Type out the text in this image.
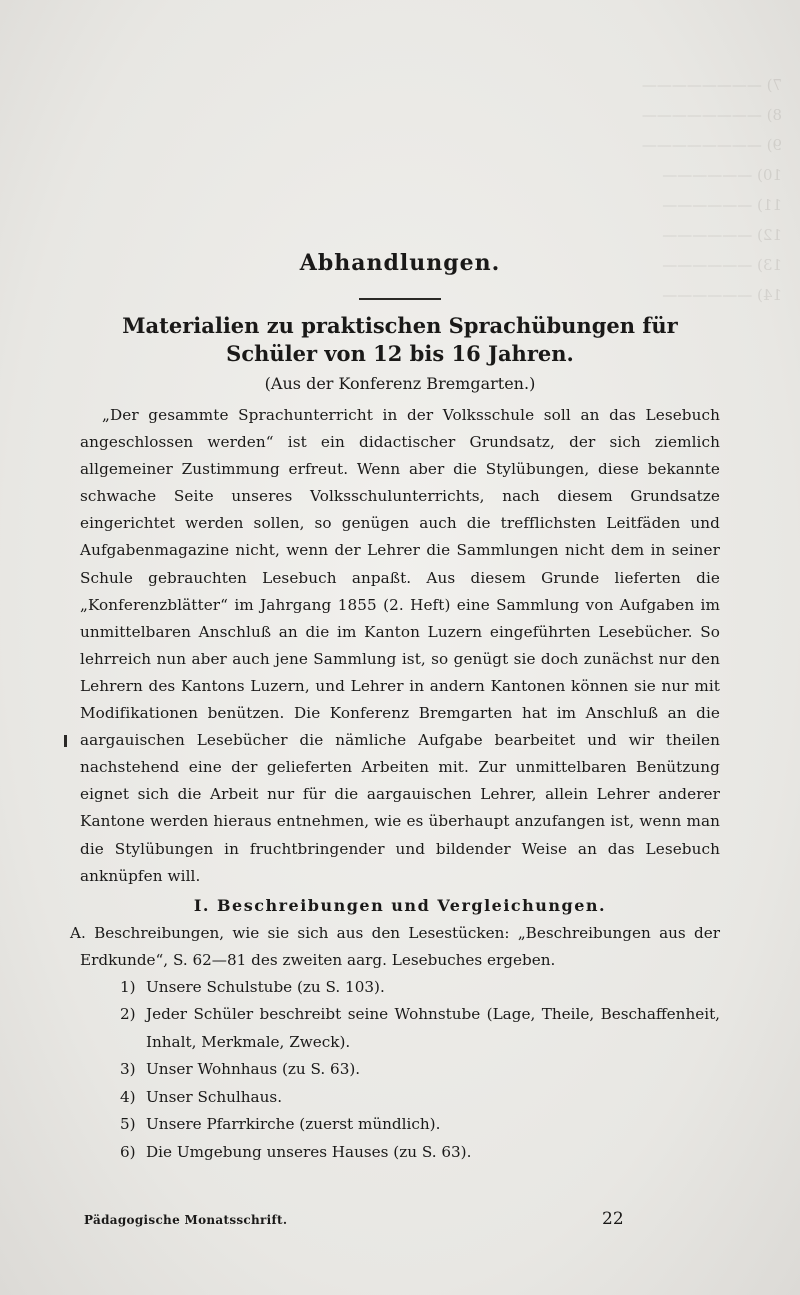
7) ————————
8) ————————
9) ————————
10) ——————
11) ——————
12) ——————
13) ——————
14) ——————
Abhandlungen.
Materialien zu praktischen Sprachübungen für
Schüler von 12 bis 16 Jahren.

(Aus der Konferenz Bremgarten.)

„Der gesammte Sprachunterricht in der Volksschule soll an das Lesebuch angeschlossen werden“ ist ein didactischer Grundsatz, der sich ziemlich allgemeiner Zustimmung erfreut. Wenn aber die Stylübungen, diese bekannte schwache Seite unseres Volksschulunterrichts, nach diesem Grundsatze eingerichtet werden sollen, so genügen auch die trefflichsten Leitfäden und Aufgabenmagazine nicht, wenn der Lehrer die Sammlungen nicht dem in seiner Schule gebrauchten Lesebuch anpaßt. Aus diesem Grunde lieferten die „Konferenzblätter“ im Jahrgang 1855 (2. Heft) eine Sammlung von Aufgaben im unmittelbaren Anschluß an die im Kanton Luzern eingeführten Lesebücher. So lehrreich nun aber auch jene Sammlung ist, so genügt sie doch zunächst nur den Lehrern des Kantons Luzern, und Lehrer in andern Kantonen können sie nur mit Modifikationen benützen. Die Konferenz Bremgarten hat im Anschluß an die aargauischen Lesebücher die nämliche Aufgabe bearbeitet und wir theilen nachstehend eine der gelieferten Arbeiten mit. Zur unmittelbaren Benützung eignet sich die Arbeit nur für die aargauischen Lehrer, allein Lehrer anderer Kantone werden hieraus entnehmen, wie es überhaupt anzufangen ist, wenn man die Stylübungen in fruchtbringender und bildender Weise an das Lesebuch anknüpfen will.

I. Beschreibungen und Vergleichungen.

A. Beschreibungen, wie sie sich aus den Lesestücken: „Beschreibungen aus der Erdkunde“, S. 62—81 des zweiten aarg. Lesebuches ergeben.

1) Unsere Schulstube (zu S. 103).
2) Jeder Schüler beschreibt seine Wohnstube (Lage, Theile, Beschaffenheit, Inhalt, Merkmale, Zweck).
3) Unser Wohnhaus (zu S. 63).
4) Unser Schulhaus.
5) Unsere Pfarrkirche (zuerst mündlich).
6) Die Umgebung unseres Hauses (zu S. 63).
Pädagogische Monatsschrift.	22
